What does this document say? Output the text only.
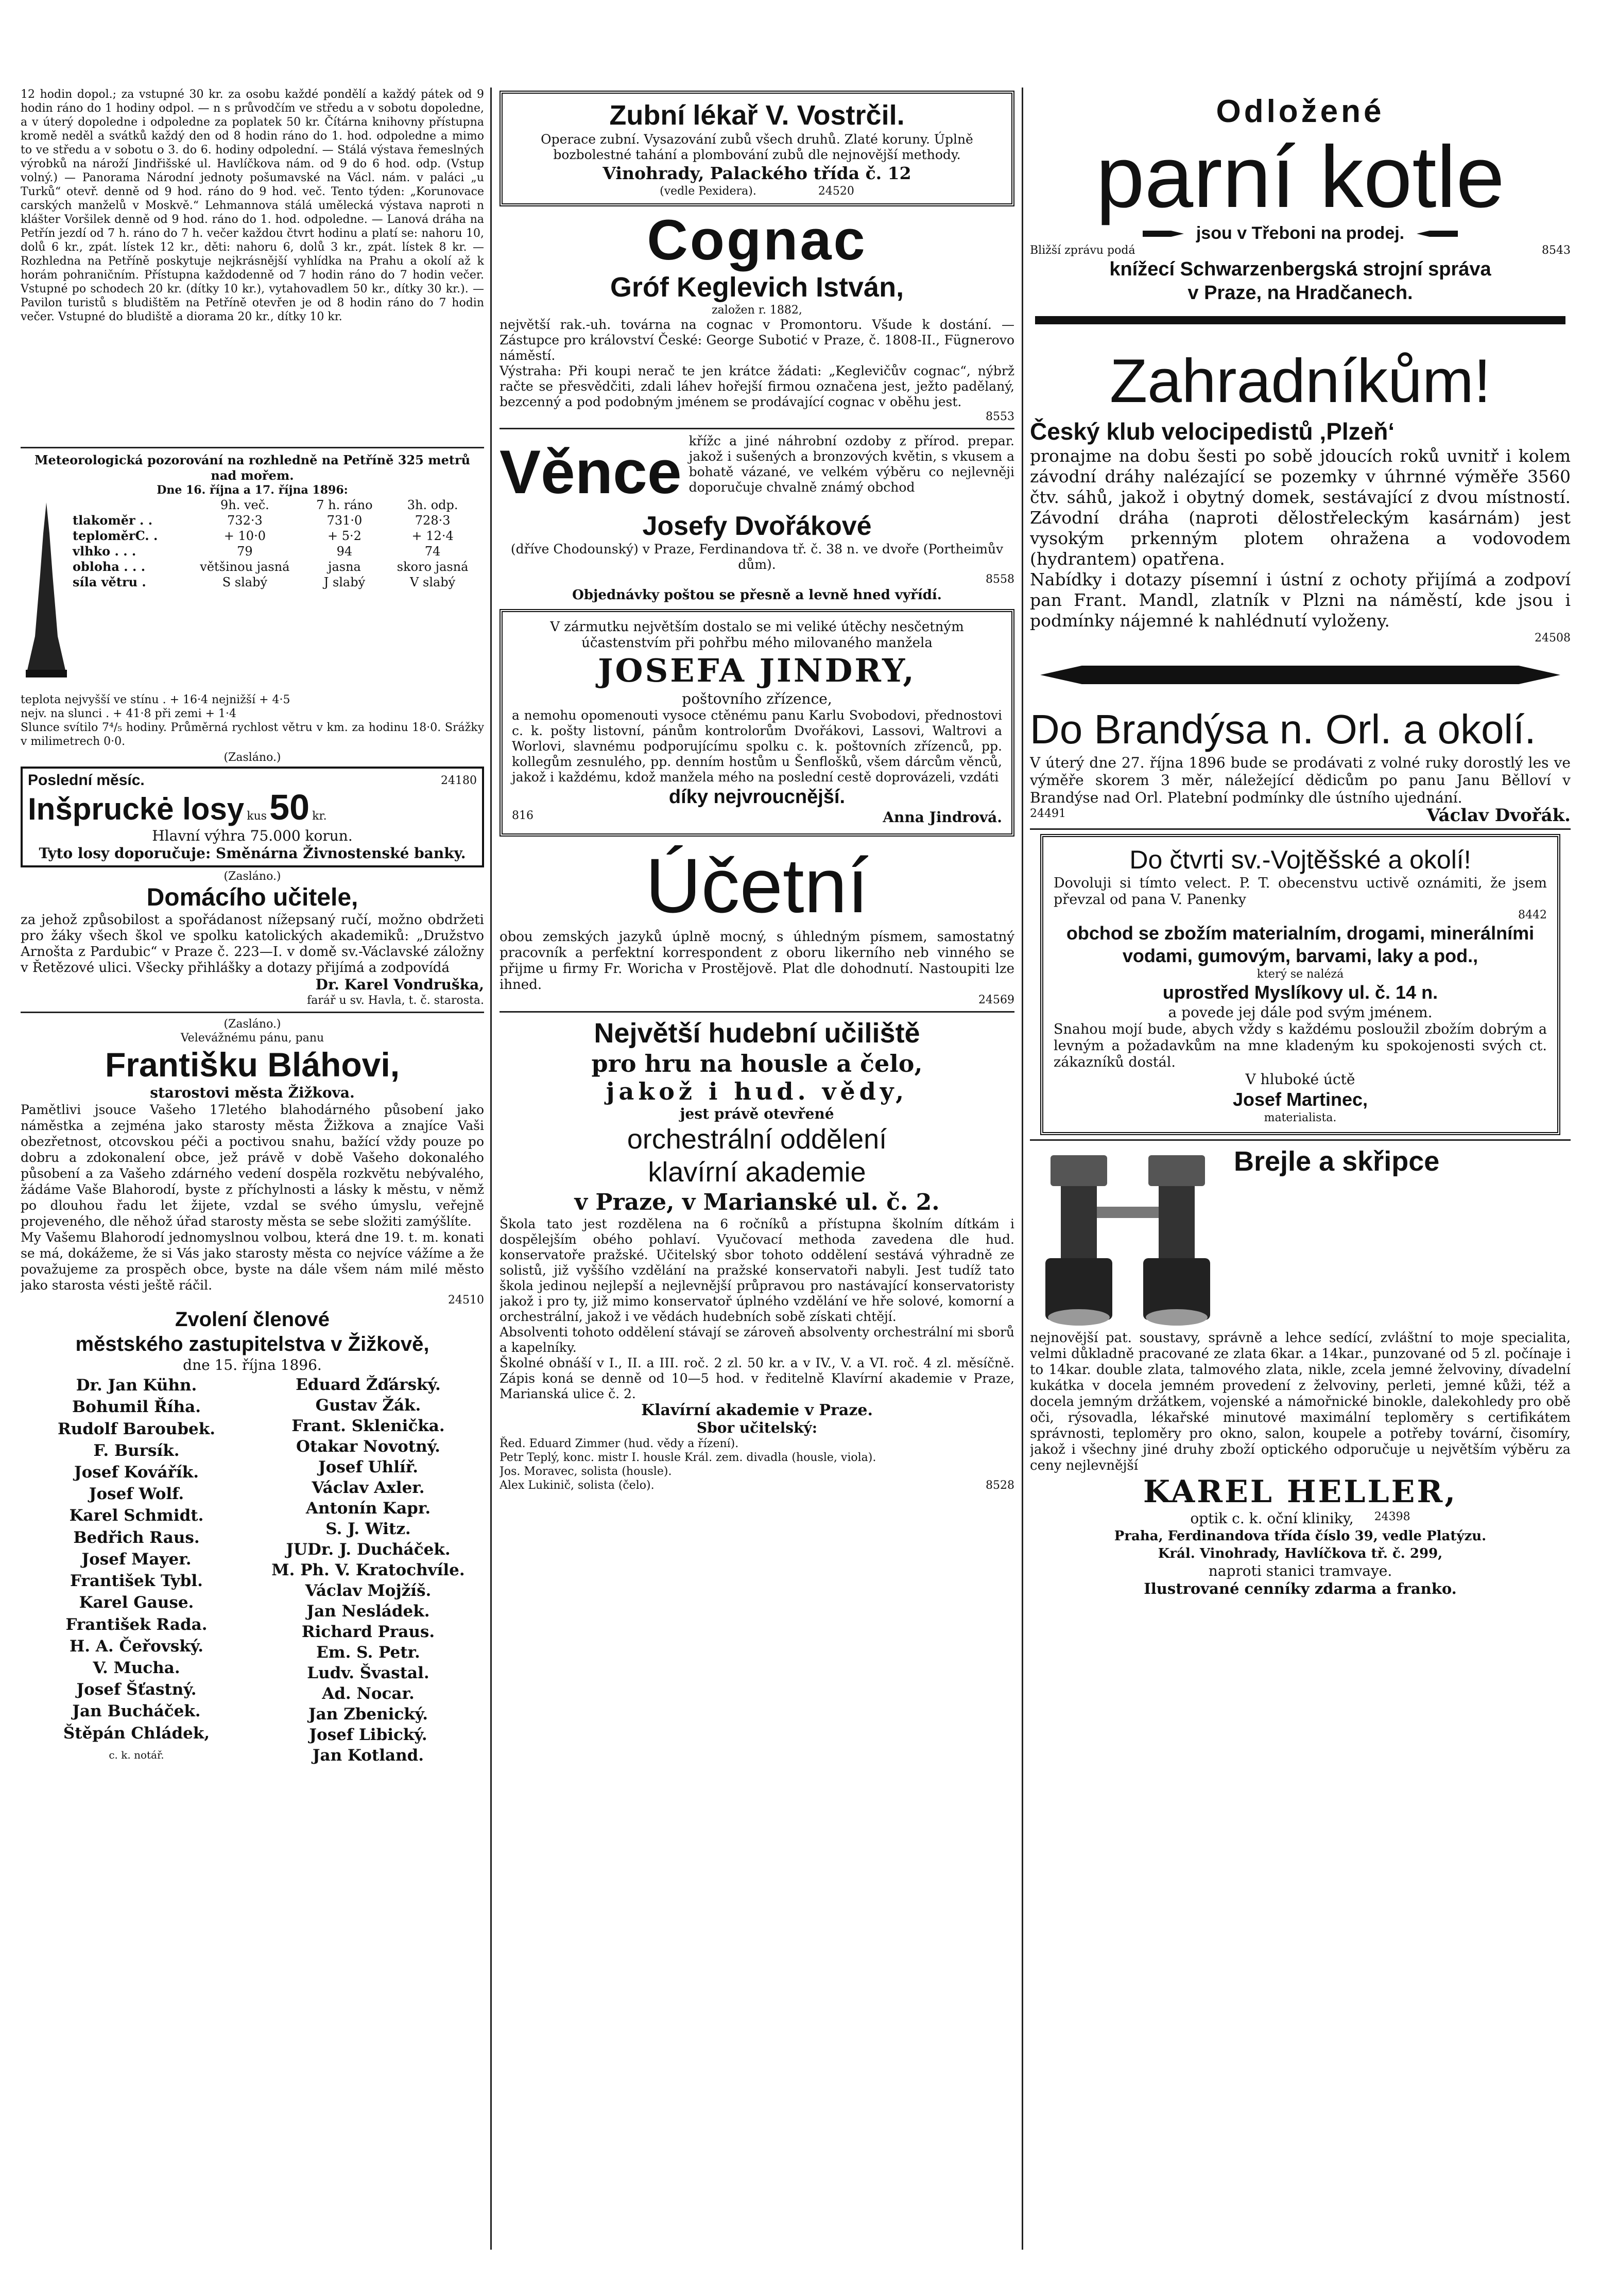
12 hodin dopol.; za vstupné 30 kr. za osobu každé pondělí a každý pátek od 9 hodin ráno do 1 hodiny odpol. — n s průvodčím ve středu a v sobotu dopoledne, a v úterý dopoledne i odpoledne za poplatek 50 kr. Čítárna knihovny přístupna kromě neděl a svátků každý den od 8 hodin ráno do 1. hod. odpoledne a mimo to ve středu a v sobotu o 3. do 6. hodiny odpolední. — Stálá výstava řemeslných výrobků na nároží Jindřišské ul. Havlíčkova nám. od 9 do 6 hod. odp. (Vstup volný.) — Panorama Národní jednoty pošumavské na Václ. nám. v paláci „u Turků“ otevř. denně od 9 hod. ráno do 9 hod. več. Tento týden: „Korunovace carských manželů v Moskvě.“ Lehmannova stálá umělecká výstava naproti n klášter Voršilek denně od 9 hod. ráno do 1. hod. odpoledne. — Lanová dráha na Petřín jezdí od 7 h. ráno do 7 h. večer každou čtvrt hodinu a platí se: nahoru 10, dolů 6 kr., zpát. lístek 12 kr., děti: nahoru 6, dolů 3 kr., zpát. lístek 8 kr. — Rozhledna na Petříně poskytuje nejkrásnější vyhlídka na Prahu a okolí až k horám pohraničním. Přístupna každodenně od 7 hodin ráno do 7 hodin večer. Vstupné po schodech 20 kr. (dítky 10 kr.), vytahovadlem 50 kr., dítky 30 kr.). — Pavilon turistů s bludištěm na Petříně otevřen je od 8 hodin ráno do 7 hodin večer. Vstupné do bludiště a diorama 20 kr., dítky 10 kr.

Meteorologická pozorování na rozhledně na Petříně 325 metrů nad mořem.

Dne 16. října a 17. října 1896:

	9h. več.	7 h. ráno	3h. odp.
tlakoměr . .	732·3	731·0	728·3
teploměrC. .	+ 10·0	+ 5·2	+ 12·4
vlhko . . .	79	94	74
obloha . . .	většinou jasná	jasna	skoro jasná
síla větru .	S slabý	J slabý	V slabý

teplota nejvyšší ve stínu . + 16·4 nejnižší + 4·5

nejv. na slunci . + 41·8 při zemi + 1·4

Slunce svítilo 7⁴/₅ hodiny. Průměrná rychlost větru v km. za hodinu 18·0. Srážky v milimetrech 0·0.

(Zasláno.)

Poslední měsíc.	24180
Inšpruckė losy kus 50 kr.

Hlavní výhra 75.000 korun.

Tyto losy doporučuje: Směnárna Živnostenské banky.

(Zasláno.)

Domácího učitele,

za jehož způsobilost a spořádanost nížepsaný ručí, možno obdržeti pro žáky všech škol ve spolku katolických akademiků: „Družstvo Arnošta z Pardubic“ v Praze č. 223—I. v domě sv.-Václavské záložny v Řetězové ulici. Všecky přihlášky a dotazy přijímá a zodpovídá

Dr. Karel Vondruška,

farář u sv. Havla, t. č. starosta.

(Zasláno.)

Velevážnému pánu, panu

Františku Bláhovi,

starostovi města Žižkova.

Pamětlivi jsouce Vašeho 17letého blahodárného působení jako náměstka a zejména jako starosty města Žižkova a znajíce Vaši obezřetnost, otcovskou péči a poctivou snahu, bažící vždy pouze po dobru a zdokonalení obce, jež právě v době Vašeho dokonalého působení a za Vašeho zdárného vedení dospěla rozkvětu nebývalého, žádáme Vaše Blahorodí, byste z příchylnosti a lásky k městu, v němž po dlouhou řadu let žijete, vzdal se svého úmyslu, veřejně projeveného, dle něhož úřad starosty města se sebe složiti zamýšlíte.

My Vašemu Blahorodí jednomyslnou volbou, která dne 19. t. m. konati se má, dokážeme, že si Vás jako starosty města co nejvíce vážíme a že považujeme za prospěch obce, byste na dále všem nám milé město jako starosta vésti ještě ráčil.

24510

Zvolení členové

městského zastupitelstva v Žižkově,

dne 15. října 1896.

Dr. Jan Kühn.
Bohumil Říha.
Rudolf Baroubek.
F. Bursík.
Josef Kovářík.
Josef Wolf.
Karel Schmidt.
Bedřich Raus.
Josef Mayer.
František Tybl.
Karel Gause.
František Rada.
H. A. Čeřovský.
V. Mucha.
Josef Šťastný.
Jan Bucháček.
Štěpán Chládek,
c. k. notář.
Eduard Žďárský.
Gustav Žák.
Frant. Sklenička.
Otakar Novotný.
Josef Uhlíř.
Václav Axler.
Antonín Kapr.
S. J. Witz.
JUDr. J. Ducháček.
M. Ph. V. Kratochvíle.
Václav Mojžíš.
Jan Nesládek.
Richard Praus.
Em. S. Petr.
Ludv. Švastal.
Ad. Nocar.
Jan Zbenický.
Josef Libický.
Jan Kotland.

Zubní lékař V. Vostrčil.

Operace zubní. Vysazování zubů všech druhů. Zlaté koruny. Úplně bozbolestné tahání a plombování zubů dle nejnovější methody.

Vinohrady, Palackého třída č. 12

(vedle Pexidera).	24520

Cognac

Gróf Keglevich István,

založen r. 1882,

největší rak.-uh. továrna na cognac v Promontoru. Všude k dostání. — Zástupce pro království České: George Subotić v Praze, č. 1808-II., Fügnerovo náměstí.

Výstraha: Při koupi nerač te jen krátce žádati: „Keglevičův cognac“, nýbrž račte se přesvědčiti, zdali láhev hořejší firmou označena jest, ježto padělaný, bezcenný a pod podobným jménem se prodávající cognac v oběhu jest.

8553

Věnce křížc a jiné náhrobní ozdoby z přírod. prepar. jakož i sušených a bronzových květin, s vkusem a bohatě vázané, ve velkém výběru co nejlevněji doporučuje chvalně známý obchod

Josefy Dvořákové

(dříve Chodounský) v Praze, Ferdinandova tř. č. 38 n. ve dvoře (Portheimův dům).

8558

Objednávky poštou se přesně a levně hned vyřídí.

V zármutku největším dostalo se mi veliké útěchy nesčetným účastenstvím při pohřbu mého milovaného manžela

JOSEFA JINDRY,

poštovního zřízence,

a nemohu opomenouti vysoce ctěnému panu Karlu Svobodovi, přednostovi c. k. pošty listovní, pánům kontrolorům Dvořákovi, Lassovi, Waltrovi a Worlovi, slavnému podporujícímu spolku c. k. poštovních zřízenců, pp. kollegům zesnulého, pp. denním hostům u Šenflošků, všem dárcům věnců, jakož i každému, kdož manžela mého na poslední cestě doprovázeli, vzdáti

díky nejvroucnější.

816	Anna Jindrová.

Účetní

obou zemských jazyků úplně mocný, s úhledným písmem, samostatný pracovník a perfektní korrespondent z oboru likerního neb vinného se přijme u firmy Fr. Woricha v Prostějově. Plat dle dohodnutí. Nastoupiti lze ihned.

24569

Největší hudební učiliště

pro hru na housle a čelo,

jakož i hud. vědy,

jest právě otevřené

orchestrální oddělení

klavírní akademie

v Praze, v Marianské ul. č. 2.

Škola tato jest rozdělena na 6 ročníků a přístupna školním dítkám i dospělejším obého pohlaví. Vyučovací methoda zavedena dle hud. konservatoře pražské. Učitelský sbor tohoto oddělení sestává výhradně ze solistů, již vyššího vzdělání na pražské konservatoři nabyli. Jest tudíž tato škola jedinou nejlepší a nejlevnější průpravou pro nastávající konservatoristy jakož i pro ty, již mimo konservatoř úplného vzdělání ve hře solové, komorní a orchestrální, jakož i ve vědách hudebních sobě získati chtějí.

Absolventi tohoto oddělení stávají se zároveň absolventy orchestrální mi sborů a kapelníky.

Školné obnáší v I., II. a III. roč. 2 zl. 50 kr. a v IV., V. a VI. roč. 4 zl. měsíčně. Zápis koná se denně od 10—5 hod. v ředitelně Klavírní akademie v Praze, Marianská ulice č. 2.

Klavírní akademie v Praze.

Sbor učitelský:

Řed. Eduard Zimmer (hud. vědy a řízení).

Petr Teplý, konc. mistr I. housle Král. zem. divadla (housle, viola).

Jos. Moravec, solista (housle).

Alex Lukinič, solista (čelo).	8528

Odložené

parní kotle

jsou v Třeboni na prodej.
Bližší zprávu podá	8543

knížecí Schwarzenbergská strojní správa

v Praze, na Hradčanech.

Zahradníkům!

Český klub velocipedistů ‚Plzeň‘

pronajme na dobu šesti po sobě jdoucích roků uvnitř i kolem závodní dráhy nalézající se pozemky v úhrnné výměře 3560 čtv. sáhů, jakož i obytný domek, sestávající z dvou místností. Závodní dráha (naproti dělostřeleckým kasárnám) jest vysokým prkenným plotem ohražena a vodovodem (hydrantem) opatřena.

Nabídky i dotazy písemní i ústní z ochoty přijímá a zodpoví pan Frant. Mandl, zlatník v Plzni na náměstí, kde jsou i podmínky nájemné k nahlédnutí vyloženy.

24508

Do Brandýsa n. Orl. a okolí.

V úterý dne 27. října 1896 bude se prodávati z volné ruky dorostlý les ve výměře skorem 3 měr, náležející dědicům po panu Janu Bělloví v Brandýse nad Orl. Platební podmínky dle ústního ujednání.

24491	Václav Dvořák.

Do čtvrti sv.-Vojtěšské a okolí!

Dovoluji si tímto velect. P. T. obecenstvu uctivě oznámiti, že jsem převzal od pana V. Panenky

8442

obchod se zbožím materialním, drogami, minerálními vodami, gumovým, barvami, laky a pod.,

který se nalézá

uprostřed Myslíkovy ul. č. 14 n.

a povede jej dále pod svým jménem.

Snahou mojí bude, abych vždy s každému posloužil zbožím dobrým a levným a požadavkům na mne kladeným ku spokojenosti svých ct. zákazníků dostál.

V hluboké úctě

Josef Martinec,

materialista.

Brejle a skřipce

nejnovější pat. soustavy, správně a lehce sedící, zvláštní to moje specialita, velmi důkladně pracované ze zlata 6kar. a 14kar., punzované od 5 zl. počínaje i to 14kar. double zlata, talmového zlata, nikle, zcela jemné želvoviny, dívadelní kukátka v docela jemném provedení z želvoviny, perleti, jemné kůži, též a docela jemným držátkem, vojenské a námořnické binokle, dalekohledy pro obě oči, rýsovadla, lékařské minutové maximální teploměry s certifikátem správnosti, teploměry pro okno, salon, koupele a potřeby tovární, čisomíry, jakož i všechny jiné druhy zboží optického odporučuje u největším výběru za ceny nejlevnější

KAREL HELLER,

optik c. k. oční kliniky, 24398

Praha, Ferdinandova třída číslo 39, vedle Platýzu.

Král. Vinohrady, Havlíčkova tř. č. 299,

naproti stanici tramvaye.

Ilustrované cenníky zdarma a franko.
